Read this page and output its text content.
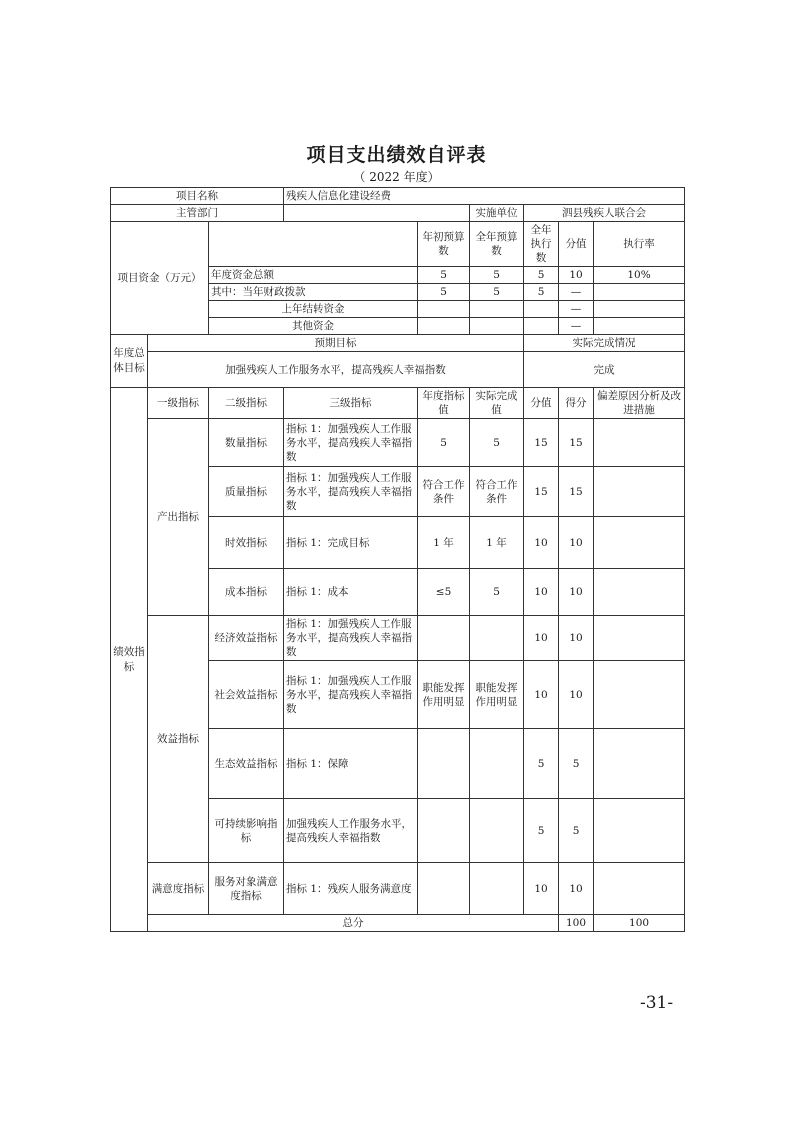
项目支出绩效自评表
（ 2022 年度）
项目名称			残疾人信息化建设经费						
主管部门					实施单位	泗县残疾人联合会			
项目资金（万元）				年初预算数	全年预算数	全年执行数	分值	执行率	
		年度资金总额		5	5	5	10	10%	
		其中：当年财政拨款		5	5	5	—		
		上年结转资金					—		
		其他资金					—		
年度总体目标	预期目标					实际完成情况			
	加强残疾人工作服务水平，提高残疾人幸福指数					完成			
绩效指标	一级指标	二级指标	三级指标	年度指标值	实际完成值	分值	得分	偏差原因分析及改进措施	
	产出指标	数量指标	指标 1：加强残疾人工作服务水平，提高残疾人幸福指数	5	5	15	15		
		质量指标	指标 1：加强残疾人工作服务水平，提高残疾人幸福指数	符合工作条件	符合工作条件	15	15		
		时效指标	指标 1：完成目标	1 年	1 年	10	10		
		成本指标	指标 1：成本	≤5	5	10	10		
	效益指标	经济效益指标	指标 1：加强残疾人工作服务水平，提高残疾人幸福指数			10	10		
		社会效益指标	指标 1：加强残疾人工作服务水平，提高残疾人幸福指数	职能发挥作用明显	职能发挥作用明显	10	10		
		生态效益指标	指标 1：保障			5	5		
		可持续影响指标	加强残疾人工作服务水平，提高残疾人幸福指数			5	5		
	满意度指标	服务对象满意度指标	指标 1：残疾人服务满意度			10	10		
	总分						100	100	
-31-
